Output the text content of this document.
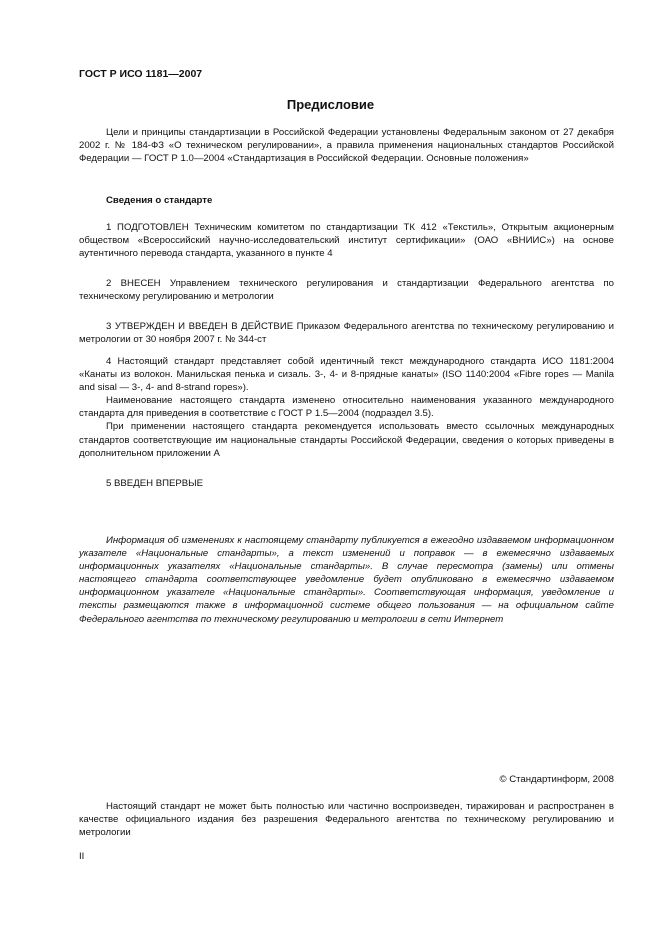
ГОСТ Р ИСО 1181—2007
Предисловие

Цели и принципы стандартизации в Российской Федерации установлены Федеральным законом от 27 декабря 2002 г. № 184-ФЗ «О техническом регулировании», а правила применения национальных стандартов Российской Федерации — ГОСТ Р 1.0—2004 «Стандартизация в Российской Федерации. Основные положения»

Сведения о стандарте

1 ПОДГОТОВЛЕН Техническим комитетом по стандартизации ТК 412 «Текстиль», Открытым акционерным обществом «Всероссийский научно-исследовательский институт сертификации» (ОАО «ВНИИС») на основе аутентичного перевода стандарта, указанного в пункте 4

2 ВНЕСЕН Управлением технического регулирования и стандартизации Федерального агентства по техническому регулированию и метрологии

3 УТВЕРЖДЕН И ВВЕДЕН В ДЕЙСТВИЕ Приказом Федерального агентства по техническому регулированию и метрологии от 30 ноября 2007 г. № 344-ст

4 Настоящий стандарт представляет собой идентичный текст международного стандарта ИСО 1181:2004 «Канаты из волокон. Манильская пенька и сизаль. 3-, 4- и 8-прядные канаты» (ISO 1140:2004 «Fibre ropes — Manila and sisal — 3-, 4- and 8-strand ropes»).

Наименование настоящего стандарта изменено относительно наименования указанного международного стандарта для приведения в соответствие с ГОСТ Р 1.5—2004 (подраздел 3.5).

При применении настоящего стандарта рекомендуется использовать вместо ссылочных международных стандартов соответствующие им национальные стандарты Российской Федерации, сведения о которых приведены в дополнительном приложении А

5 ВВЕДЕН ВПЕРВЫЕ

Информация об изменениях к настоящему стандарту публикуется в ежегодно издаваемом информационном указателе «Национальные стандарты», а текст изменений и поправок — в ежемесячно издаваемых информационных указателях «Национальные стандарты». В случае пересмотра (замены) или отмены настоящего стандарта соответствующее уведомление будет опубликовано в ежемесячно издаваемом информационном указателе «Национальные стандарты». Соответствующая информация, уведомление и тексты размещаются также в информационной системе общего пользования — на официальном сайте Федерального агентства по техническому регулированию и метрологии в сети Интернет

© Стандартинформ, 2008

Настоящий стандарт не может быть полностью или частично воспроизведен, тиражирован и распространен в качестве официального издания без разрешения Федерального агентства по техническому регулированию и метрологии

II
